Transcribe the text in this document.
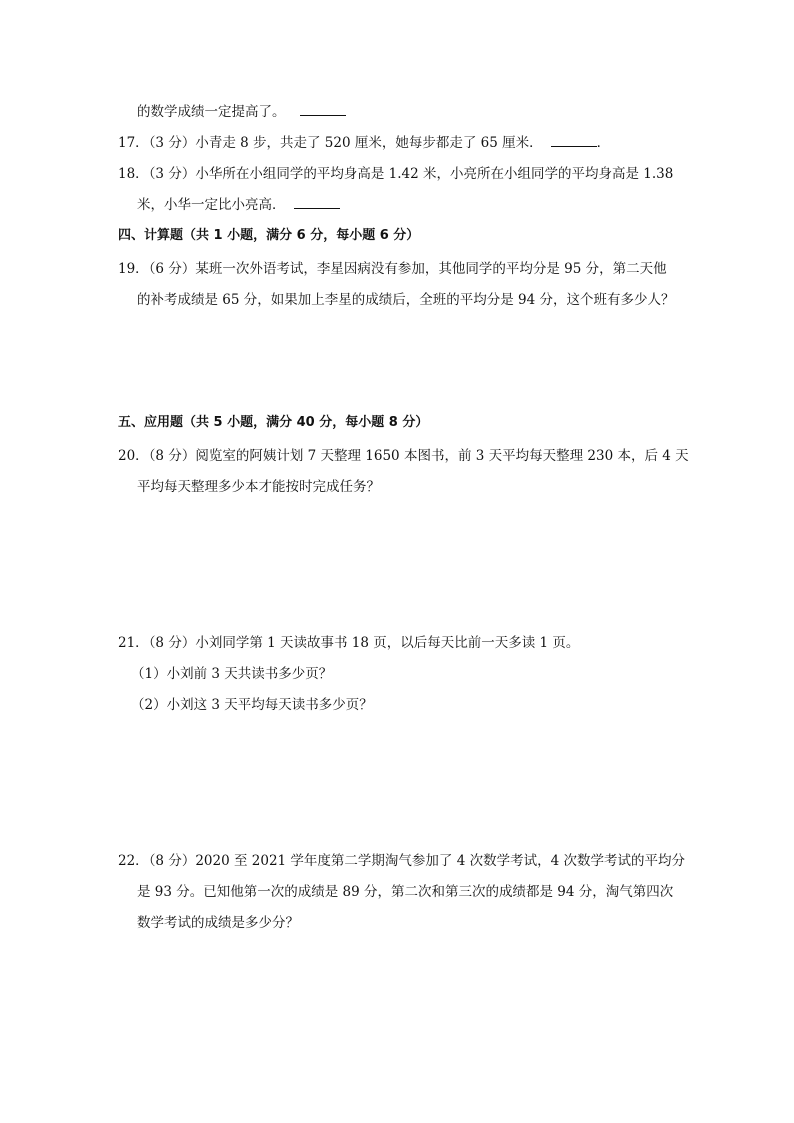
的数学成绩一定提高了。
17．（3 分）小青走 8 步，共走了 520 厘米，她每步都走了 65 厘米．	．
18．（3 分）小华所在小组同学的平均身高是 1.42 米，小亮所在小组同学的平均身高是 1.38
米，小华一定比小亮高．
四、计算题（共 1 小题，满分 6 分，每小题 6 分）
19．（6 分）某班一次外语考试，李星因病没有参加，其他同学的平均分是 95 分，第二天他
的补考成绩是 65 分，如果加上李星的成绩后，全班的平均分是 94 分，这个班有多少人？
五、应用题（共 5 小题，满分 40 分，每小题 8 分）
20．（8 分）阅览室的阿姨计划 7 天整理 1650 本图书，前 3 天平均每天整理 230 本，后 4 天
平均每天整理多少本才能按时完成任务？
21．（8 分）小刘同学第 1 天读故事书 18 页，以后每天比前一天多读 1 页。
（1）小刘前 3 天共读书多少页？
（2）小刘这 3 天平均每天读书多少页？
22．（8 分）2020 至 2021 学年度第二学期淘气参加了 4 次数学考试，4 次数学考试的平均分
是 93 分。已知他第一次的成绩是 89 分，第二次和第三次的成绩都是 94 分，淘气第四次
数学考试的成绩是多少分？
